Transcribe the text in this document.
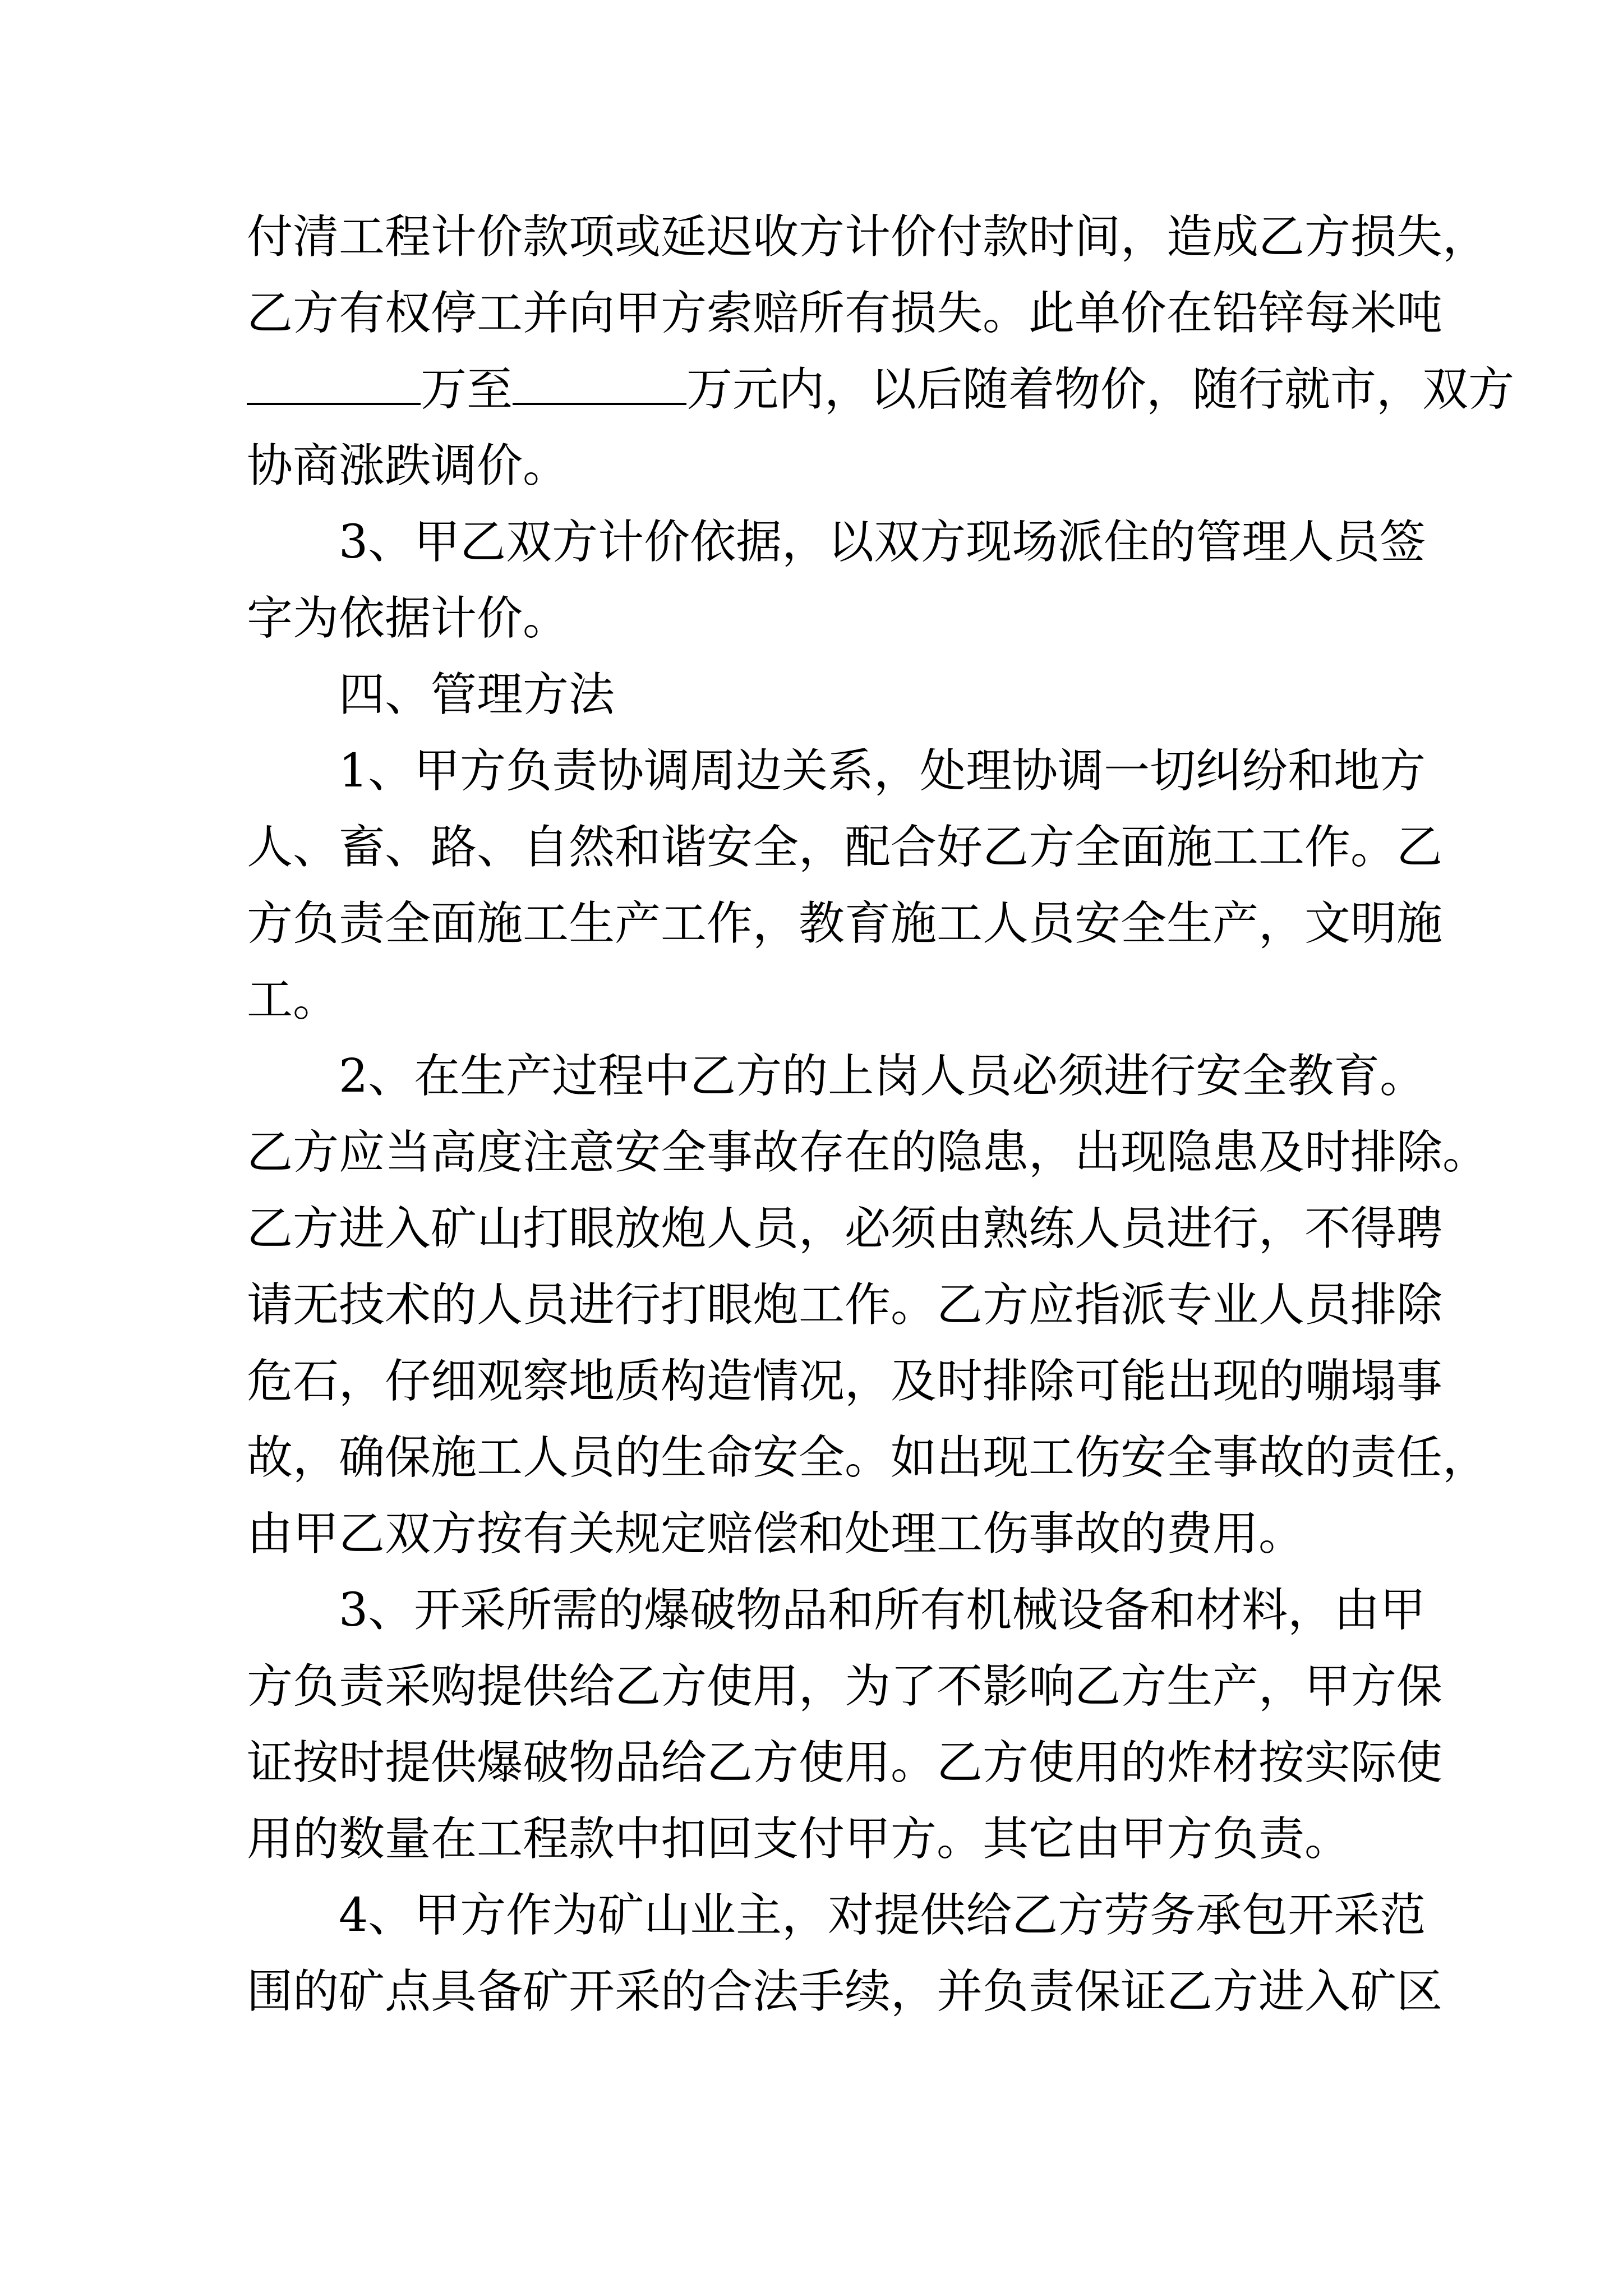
付清工程计价款项或延迟收方计价付款时间，造成乙方损失，
乙方有权停工并向甲方索赔所有损失。此单价在铅锌每米吨
万至	万元内，以后随着物价，随行就市，双方
协商涨跌调价。
3、甲乙双方计价依据，以双方现场派住的管理人员签
字为依据计价。
四、管理方法
1、甲方负责协调周边关系，处理协调一切纠纷和地方
人、畜、路、自然和谐安全，配合好乙方全面施工工作。乙
方负责全面施工生产工作，教育施工人员安全生产，文明施
工。
2、在生产过程中乙方的上岗人员必须进行安全教育。
乙方应当高度注意安全事故存在的隐患，出现隐患及时排除。
乙方进入矿山打眼放炮人员，必须由熟练人员进行，不得聘
请无技术的人员进行打眼炮工作。乙方应指派专业人员排除
危石，仔细观察地质构造情况，及时排除可能出现的嘣塌事
故，确保施工人员的生命安全。如出现工伤安全事故的责任，
由甲乙双方按有关规定赔偿和处理工伤事故的费用。
3、开采所需的爆破物品和所有机械设备和材料，由甲
方负责采购提供给乙方使用，为了不影响乙方生产，甲方保
证按时提供爆破物品给乙方使用。乙方使用的炸材按实际使
用的数量在工程款中扣回支付甲方。其它由甲方负责。
4、甲方作为矿山业主，对提供给乙方劳务承包开采范
围的矿点具备矿开采的合法手续，并负责保证乙方进入矿区
